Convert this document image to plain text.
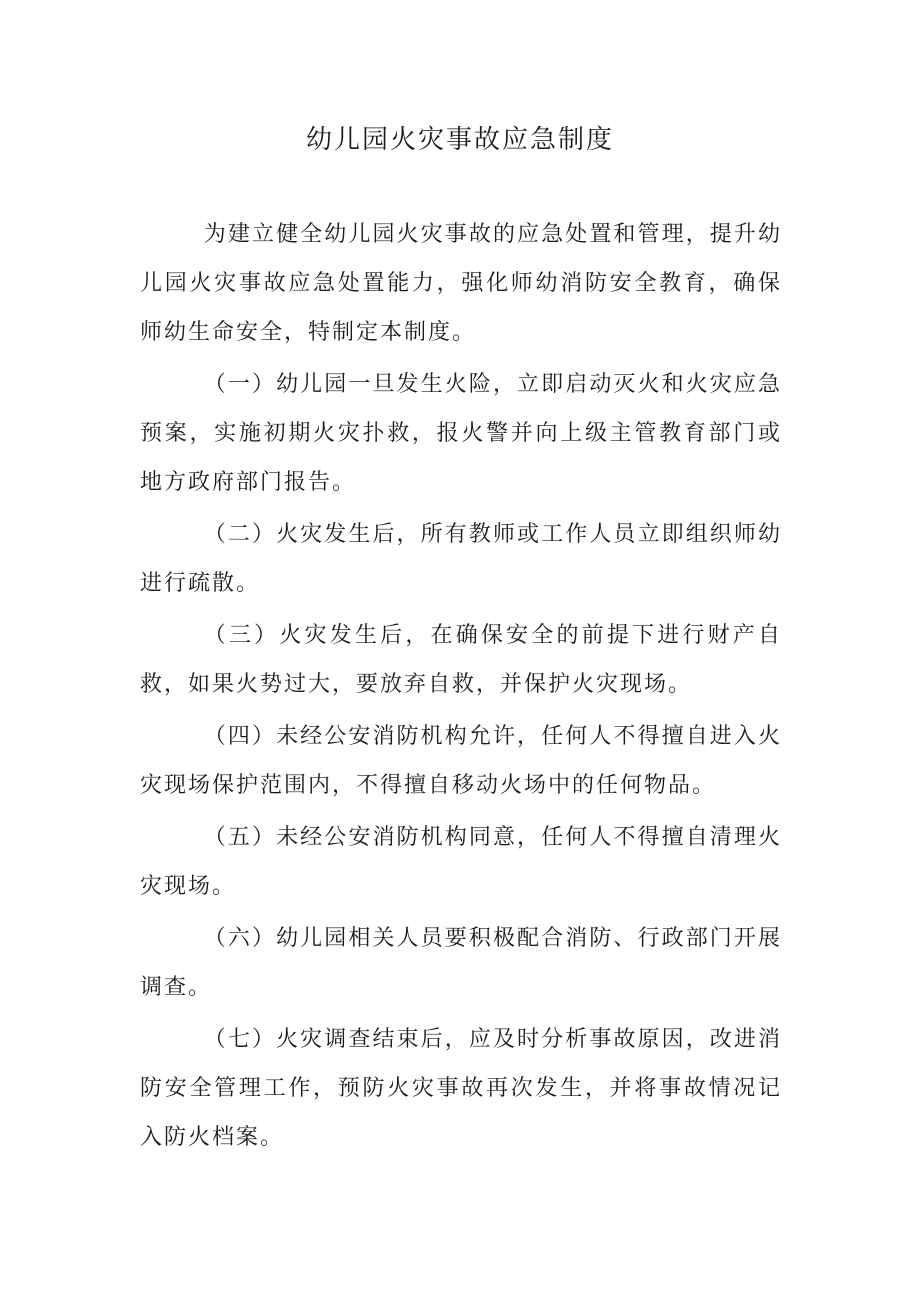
幼儿园火灾事故应急制度

为建立健全幼儿园火灾事故的应急处置和管理，提升幼儿园火灾事故应急处置能力，强化师幼消防安全教育，确保师幼生命安全，特制定本制度。

（一）幼儿园一旦发生火险，立即启动灭火和火灾应急预案，实施初期火灾扑救，报火警并向上级主管教育部门或地方政府部门报告。

（二）火灾发生后，所有教师或工作人员立即组织师幼进行疏散。

（三）火灾发生后，在确保安全的前提下进行财产自救，如果火势过大，要放弃自救，并保护火灾现场。

（四）未经公安消防机构允许，任何人不得擅自进入火灾现场保护范围内，不得擅自移动火场中的任何物品。

（五）未经公安消防机构同意，任何人不得擅自清理火灾现场。

（六）幼儿园相关人员要积极配合消防、行政部门开展调查。

（七）火灾调查结束后，应及时分析事故原因，改进消防安全管理工作，预防火灾事故再次发生，并将事故情况记入防火档案。
